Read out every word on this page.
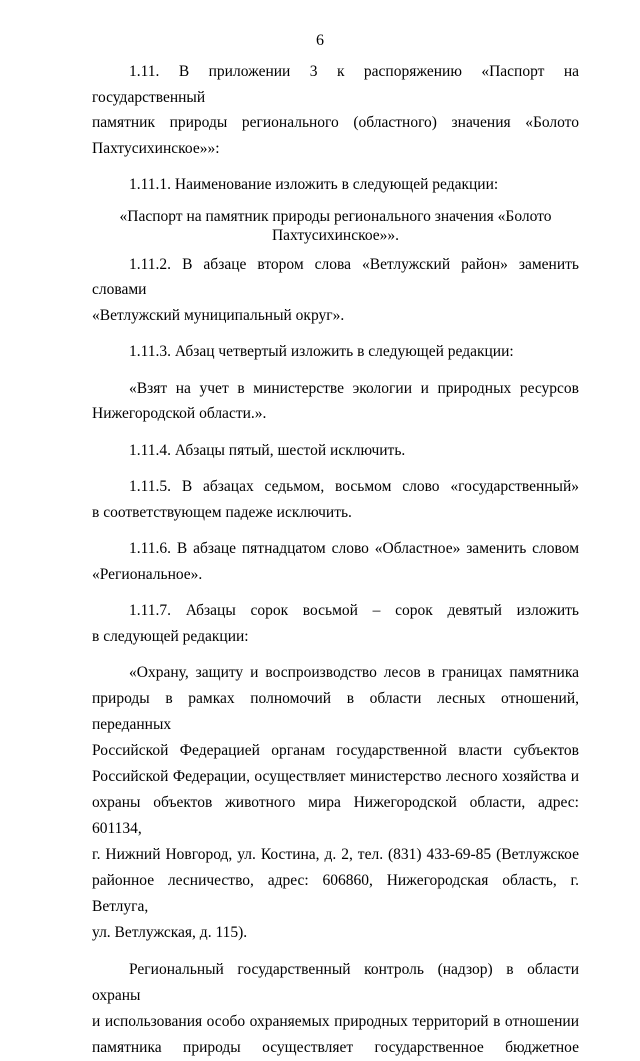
6
1.11. В приложении 3 к распоряжению «Паспорт на государственный
памятник природы регионального (областного) значения «Болото
Пахтусихинское»»:

1.11.1. Наименование изложить в следующей редакции:

«Паспорт на памятник природы регионального значения «Болото
Пахтусихинское»».
1.11.2. В абзаце втором слова «Ветлужский район» заменить словами
«Ветлужский муниципальный округ».

1.11.3. Абзац четвертый изложить в следующей редакции:

«Взят на учет в министерстве экологии и природных ресурсов
Нижегородской области.».

1.11.4. Абзацы пятый, шестой исключить.

1.11.5. В абзацах седьмом, восьмом слово «государственный»
в соответствующем падеже исключить.
1.11.6. В абзаце пятнадцатом слово «Областное» заменить словом
«Региональное».
1.11.7. Абзацы сорок восьмой – сорок девятый изложить
в следующей редакции:
«Охрану, защиту и воспроизводство лесов в границах памятника
природы в рамках полномочий в области лесных отношений, переданных
Российской Федерацией органам государственной власти субъектов
Российской Федерации, осуществляет министерство лесного хозяйства и
охраны объектов животного мира Нижегородской области, адрес: 601134,
г. Нижний Новгород, ул. Костина, д. 2, тел. (831) 433-69-85 (Ветлужское
районное лесничество, адрес: 606860, Нижегородская область, г. Ветлуга,
ул. Ветлужская, д. 115).
Региональный государственный контроль (надзор) в области охраны
и использования особо охраняемых природных территорий в отношении
памятника природы осуществляет государственное бюджетное
